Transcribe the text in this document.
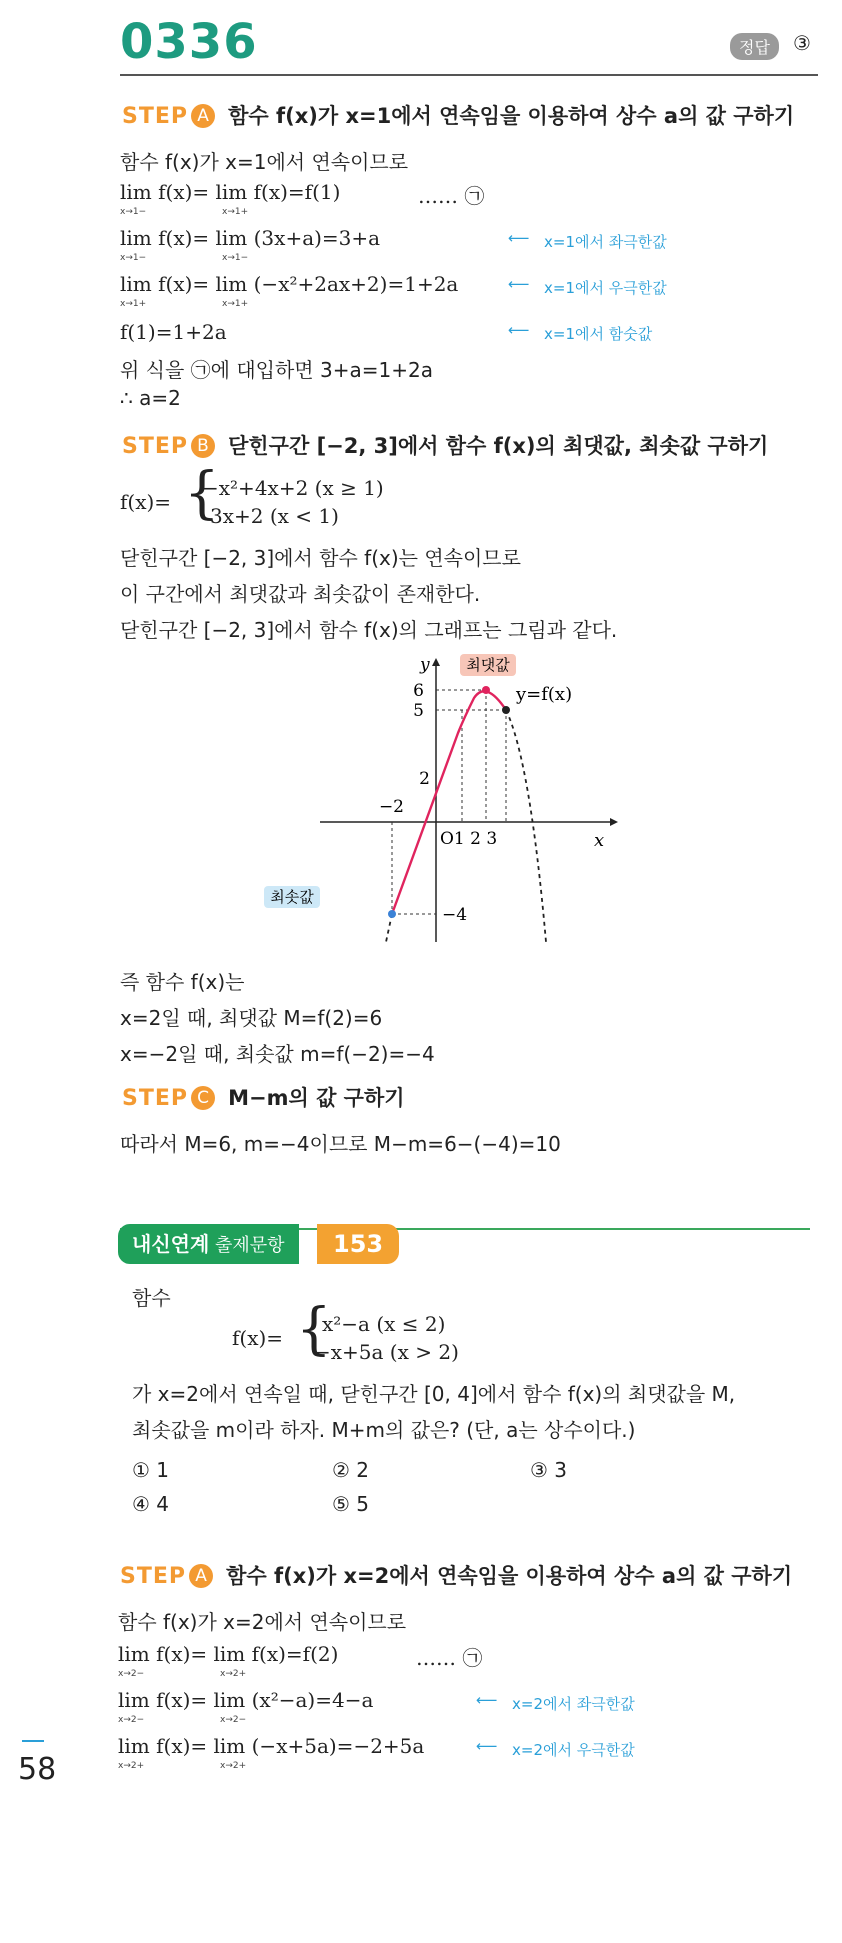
0336	정답	③
STEP A 함수 f(x)가 x=1에서 연속임을 이용하여 상수 a의 값 구하기
함수 f(x)가 x=1에서 연속이므로
lim f(x)= lim f(x)=f(1)
x→1−	x→1+
…… ㉠
lim f(x)= lim (3x+a)=3+a
x→1−	x→1−
⟵ x=1에서 좌극한값
lim f(x)= lim (−x²+2ax+2)=1+2a
x→1+	x→1+
⟵ x=1에서 우극한값
f(1)=1+2a	⟵ x=1에서 함숫값
위 식을 ㉠에 대입하면 3+a=1+2a
∴ a=2
STEP B 닫힌구간 [−2, 3]에서 함수 f(x)의 최댓값, 최솟값 구하기
f(x)= {
−x²+4x+2 (x ≥ 1)
3x+2 (x < 1)
닫힌구간 [−2, 3]에서 함수 f(x)는 연속이므로
이 구간에서 최댓값과 최솟값이 존재한다.
닫힌구간 [−2, 3]에서 함수 f(x)의 그래프는 그림과 같다.
최댓값
최솟값
y
x
y=f(x)
6
5
2
−2
−4
O1 2 3
즉 함수 f(x)는
x=2일 때, 최댓값 M=f(2)=6
x=−2일 때, 최솟값 m=f(−2)=−4
STEP C M−m의 값 구하기
따라서 M=6, m=−4이므로 M−m=6−(−4)=10
내신연계 출제문항	153
함수
f(x)= {
x²−a (x ≤ 2)
−x+5a (x > 2)
가 x=2에서 연속일 때, 닫힌구간 [0, 4]에서 함수 f(x)의 최댓값을 M,
최솟값을 m이라 하자. M+m의 값은? (단, a는 상수이다.)
① 1	② 2	③ 3
④ 4	⑤ 5
STEP A 함수 f(x)가 x=2에서 연속임을 이용하여 상수 a의 값 구하기
함수 f(x)가 x=2에서 연속이므로
lim f(x)= lim f(x)=f(2)
x→2−	x→2+
…… ㉠
lim f(x)= lim (x²−a)=4−a
x→2−	x→2−
⟵ x=2에서 좌극한값
lim f(x)= lim (−x+5a)=−2+5a
x→2+	x→2+
⟵ x=2에서 우극한값
58
